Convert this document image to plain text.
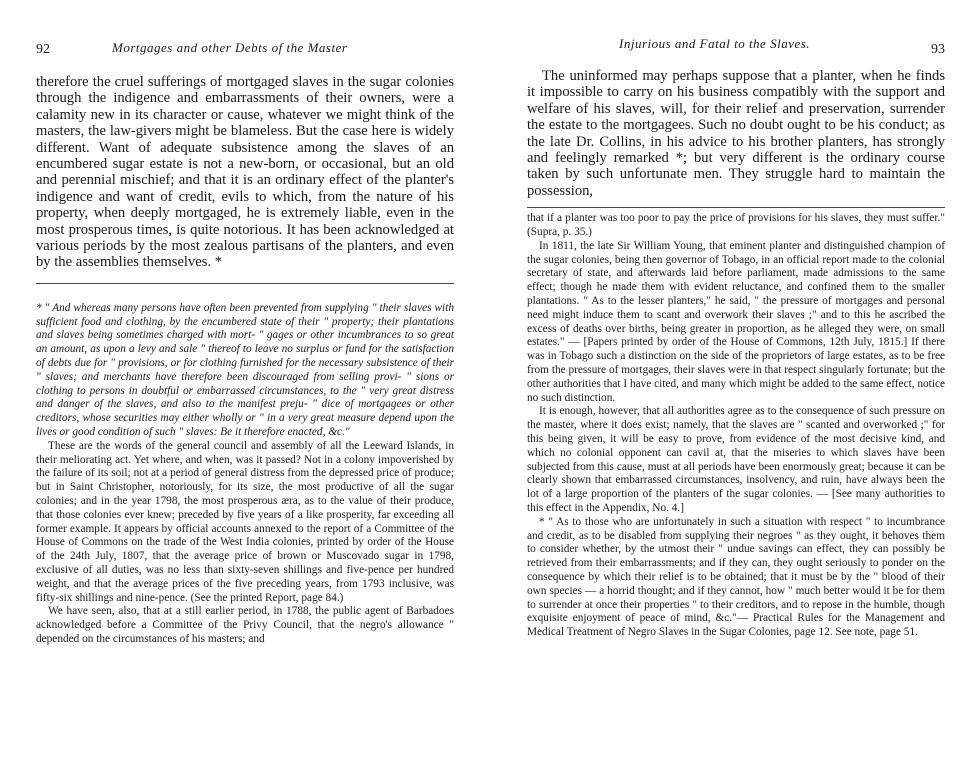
92	Mortgages and other Debts of the Master

therefore the cruel sufferings of mortgaged slaves in the sugar colonies through the indigence and embarrassments of their owners, were a calamity new in its character or cause, whatever we might think of the masters, the law-givers might be blameless. But the case here is widely different. Want of adequate subsistence among the slaves of an encumbered sugar estate is not a new-born, or occasional, but an old and perennial mischief; and that it is an ordinary effect of the planter's indigence and want of credit, evils to which, from the nature of his property, when deeply mortgaged, he is extremely liable, even in the most prosperous times, is quite notorious. It has been acknowledged at various periods by the most zealous partisans of the planters, and even by the assemblies themselves. *

* " And whereas many persons have often been prevented from supplying " their slaves with sufficient food and clothing, by the encumbered state of their " property; their plantations and slaves being sometimes charged with mort- " gages or other incumbrances to so great an amount, as upon a levy and sale " thereof to leave no surplus or fund for the satisfaction of debts due for " provisions, or for clothing furnished for the necessary subsistence of their " slaves; and merchants have therefore been discouraged from selling provi- " sions or clothing to persons in doubtful or embarrassed circumstances, to the " very great distress and danger of the slaves, and also to the manifest preju- " dice of mortgagees or other creditors, whose securities may either wholly or " in a very great measure depend upon the lives or good condition of such " slaves: Be it therefore enacted, &c."

These are the words of the general council and assembly of all the Leeward Islands, in their meliorating act. Yet where, and when, was it passed? Not in a colony impoverished by the failure of its soil; not at a period of general distress from the depressed price of produce; but in Saint Christopher, notoriously, for its size, the most productive of all the sugar colonies; and in the year 1798, the most prosperous æra, as to the value of their produce, that those colonies ever knew; preceded by five years of a like prosperity, far exceeding all former example. It appears by official accounts annexed to the report of a Committee of the House of Commons on the trade of the West India colonies, printed by order of the House of the 24th July, 1807, that the average price of brown or Muscovado sugar in 1798, exclusive of all duties, was no less than sixty-seven shillings and five-pence per hundred weight, and that the average prices of the five preceding years, from 1793 inclusive, was fifty-six shillings and nine-pence. (See the printed Report, page 84.)

We have seen, also, that at a still earlier period, in 1788, the public agent of Barbadoes acknowledged before a Committee of the Privy Council, that the negro's allowance " depended on the circumstances of his masters; and

Injurious and Fatal to the Slaves.	93

The uninformed may perhaps suppose that a planter, when he finds it impossible to carry on his business compatibly with the support and welfare of his slaves, will, for their relief and preservation, surrender the estate to the mortgagees. Such no doubt ought to be his conduct; as the late Dr. Collins, in his advice to his brother planters, has strongly and feelingly remarked *; but very different is the ordinary course taken by such unfortunate men. They struggle hard to maintain the possession,

that if a planter was too poor to pay the price of provisions for his slaves, they must suffer." (Supra, p. 35.)

In 1811, the late Sir William Young, that eminent planter and distinguished champion of the sugar colonies, being then governor of Tobago, in an official report made to the colonial secretary of state, and afterwards laid before parliament, made admissions to the same effect; though he made them with evident reluctance, and confined them to the smaller plantations. " As to the lesser planters," he said, " the pressure of mortgages and personal need might induce them to scant and overwork their slaves ;" and to this he ascribed the excess of deaths over births, being greater in proportion, as he alleged they were, on small estates." — [Papers printed by order of the House of Commons, 12th July, 1815.] If there was in Tobago such a distinction on the side of the proprietors of large estates, as to be free from the pressure of mortgages, their slaves were in that respect singularly fortunate; but the other authorities that I have cited, and many which might be added to the same effect, notice no such distinction.

It is enough, however, that all authorities agree as to the consequence of such pressure on the master, where it does exist; namely, that the slaves are " scanted and overworked ;" for this being given, it will be easy to prove, from evidence of the most decisive kind, and which no colonial opponent can cavil at, that the miseries to which slaves have been subjected from this cause, must at all periods have been enormously great; because it can be clearly shown that embarrassed circumstances, insolvency, and ruin, have always been the lot of a large proportion of the planters of the sugar colonies. — [See many authorities to this effect in the Appendix, No. 4.]

* " As to those who are unfortunately in such a situation with respect " to incumbrance and credit, as to be disabled from supplying their negroes " as they ought, it behoves them to consider whether, by the utmost their " undue savings can effect, they can possibly be retrieved from their embarrassments; and if they can, they ought seriously to ponder on the consequence by which their relief is to be obtained; that it must be by the " blood of their own species — a horrid thought; and if they cannot, how " much better would it be for them to surrender at once their properties " to their creditors, and to repose in the humble, though exquisite enjoyment of peace of mind, &c."— Practical Rules for the Management and Medical Treatment of Negro Slaves in the Sugar Colonies, page 12. See note, page 51.
